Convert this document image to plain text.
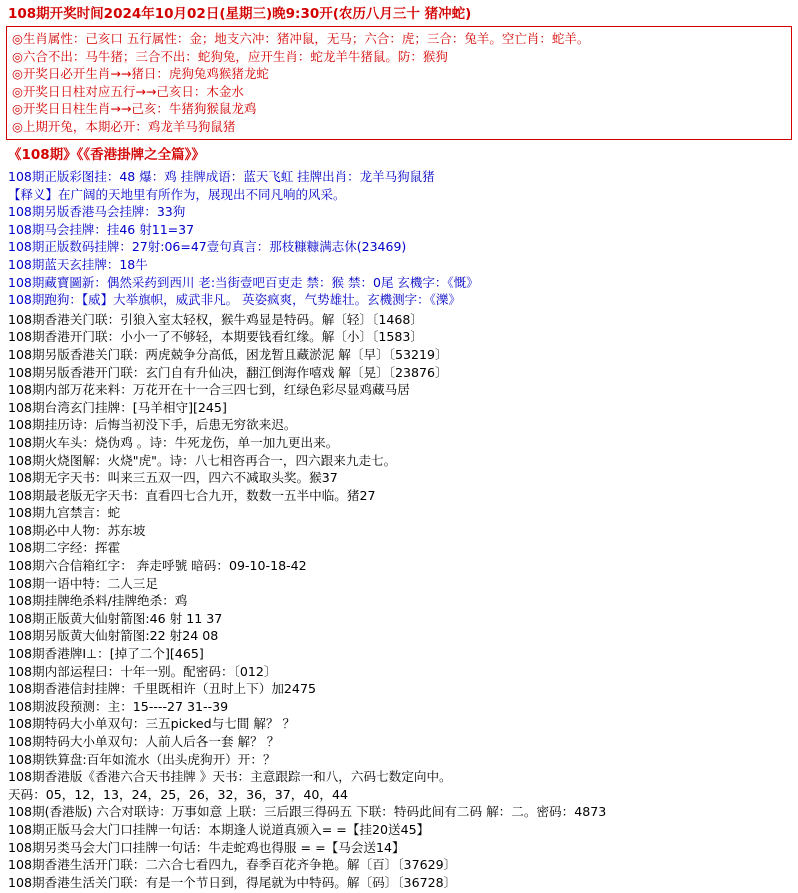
108期开奖时间2024年10月02日(星期三)晚9:30开(农历八月三十 猪冲蛇)
◎生肖属性：己亥口 五行属性：金；地支六冲：猪冲鼠，无马；六合：虎；三合：兔羊。空亡肖：蛇羊。
◎六合不出：马牛猪；三合不出：蛇狗兔，应开生肖：蛇龙羊牛猪鼠。防：猴狗
◎开奖日必开生肖→→猪日：虎狗兔鸡猴猪龙蛇
◎开奖日日柱对应五行→→己亥日：木金水
◎开奖日日柱生肖→→己亥：牛猪狗猴鼠龙鸡
◎上期开兔，本期必开：鸡龙羊马狗鼠猪
《108期》《《香港掛牌之全篇》》
108期正版彩图挂：48 爆：鸡 挂牌成语：蓝天飞虹 挂牌出肖：龙羊马狗鼠猪
【释义】在广阔的天地里有所作为，展现出不同凡响的风采。
108期另版香港马会挂牌：33狗
108期马会挂牌：挂46 射11=37
108期正版数码挂牌：27射:06=47壹句真言：那枝糠糠满志休(23469)
108期蓝天玄挂牌：18牛
108期藏寶圖新：偶然采药到西川 老:当街壹吧百吏走 禁：猴 禁：0尾 玄機字：《慨》
108期跑狗：【威】大举旗帜，威武非凡。 英姿疯爽，气势雄壮。玄機测字：《濼》
108期香港关门联：引狼入室太轻权，猴牛鸡显是特码。解〔轻〕〔1468〕
108期香港开门联：小小一了不够轻，本期要钱看红缘。解〔小〕〔1583〕
108期另版香港关门联：两虎兢争分高低，困龙暂且藏淤泥 解〔早〕〔53219〕
108期另版香港开门联：玄门自有升仙决，翻江倒海作嘻戏 解〔晃〕〔23876〕
108期内部万花来料：万花开在十一合三四七到，红绿色彩尽显鸡藏马居
108期台湾玄门挂牌：[马羊相守][245]
108期挂历诗：后悔当初没下手，后患无穷欲来迟。
108期火车头：烧伪鸡 。诗：牛死龙伤，单一加九更出来。
108期火烧图解：火烧"虎"。诗：八七相咨再合一，四六跟来九走七。
108期无字天书：叫来三五双一四，四六不减取头奖。猴37
108期最老版无字天书：直看四七合九开，数数一五半中临。猪27
108期九宫禁言：蛇
108期必中人物：苏东坡
108期二字经：挥霍
108期六合信箱红字： 奔走呼號 暗码：09-10-18-42
108期一语中特：二人三足
108期挂牌绝杀料/挂牌绝杀：鸡
108期正版黄大仙射箭图:46 射 11 37
108期另版黄大仙射箭图:22 射24 08
108期香港牌Ⅰ⊥：[掉了二个][465]
108期内部运程曰：十年一别。配密码：〔012〕
108期香港信封挂牌：千里既相许（丑时上下）加2475
108期波段预测：主：15----27 31--39
108期特码大小单双句：三五picked与七間 解？ ？
108期特码大小单双句：人前人后各一套 解？ ？
108期铁算盘:百年如流水（出头虎狗开）开：？
108期香港版《香港六合天书挂牌 》天书：主意跟踪一和八，六码七数定向中。
天码：05，12，13，24，25，26，32，36，37，40，44
108期(香港版) 六合对联诗：万事如意 上联：三后跟三得码五 下联：特码此间有二码 解：二。密码：4873
108期正版马会大门口挂牌一句话：本期逢人说道真颁入= =【挂20送45】
108期另类马会大门口挂牌一句话：牛走蛇鸡也得服 = =【马会送14】
108期香港生活开门联：二六合七看四九，春季百花齐争艳。解〔百〕〔37629〕
108期香港生活关门联：有是一个节日到，得尾就为中特码。解〔码〕〔36728〕
